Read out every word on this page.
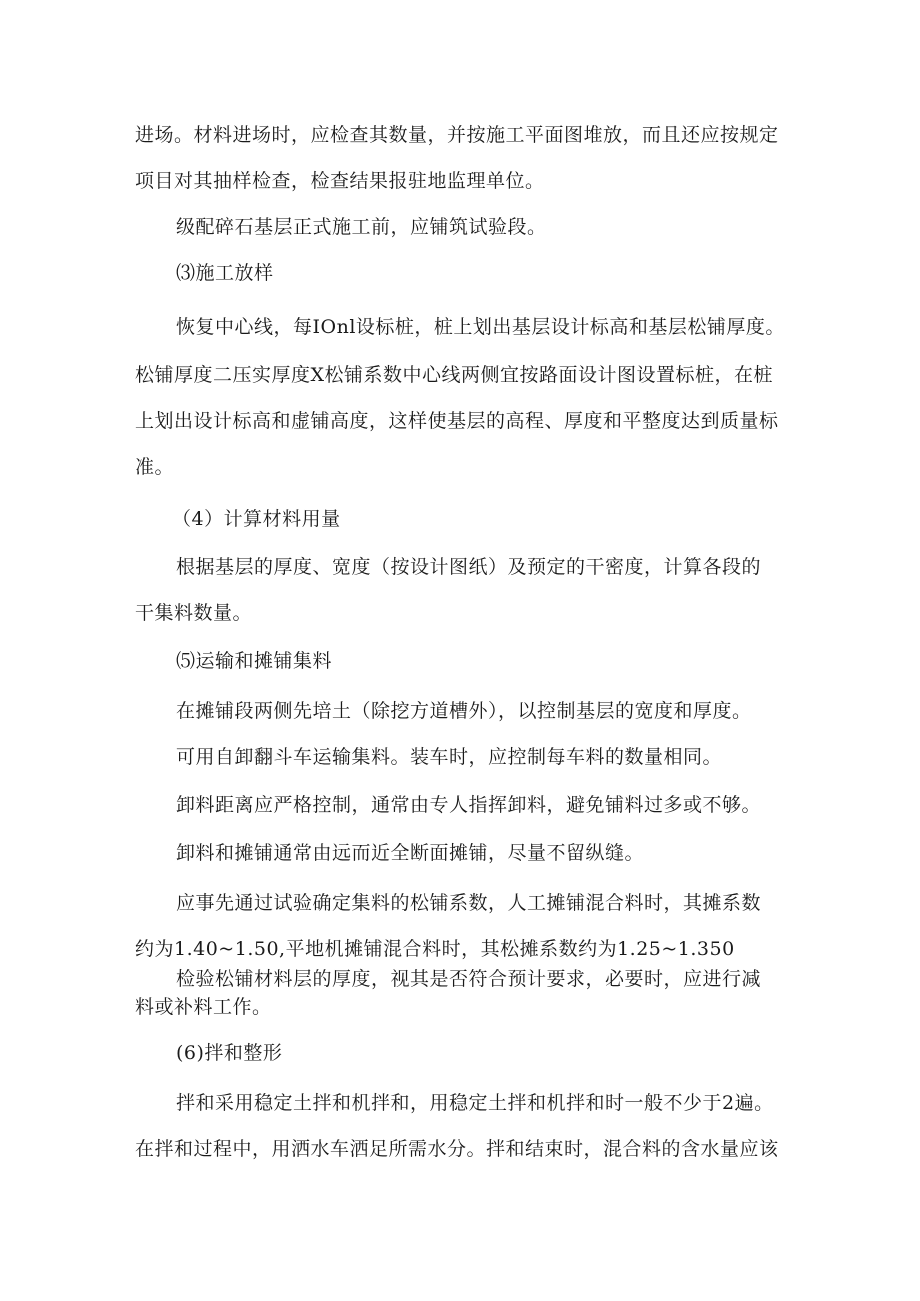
进场。材料进场时，应检查其数量，并按施工平面图堆放，而且还应按规定
项目对其抽样检查，检查结果报驻地监理单位。
级配碎石基层正式施工前，应铺筑试验段。
⑶施工放样
恢复中心线，每IOnl设标桩，桩上划出基层设计标高和基层松铺厚度。
松铺厚度二压实厚度X松铺系数中心线两侧宜按路面设计图设置标桩，在桩
上划出设计标高和虚铺高度，这样使基层的高程、厚度和平整度达到质量标
准。
（4）计算材料用量
根据基层的厚度、宽度（按设计图纸）及预定的干密度，计算各段的
干集料数量。
⑸运输和摊铺集料
在摊铺段两侧先培土（除挖方道槽外），以控制基层的宽度和厚度。
可用自卸翻斗车运输集料。装车时，应控制每车料的数量相同。
卸料距离应严格控制，通常由专人指挥卸料，避免铺料过多或不够。
卸料和摊铺通常由远而近全断面摊铺，尽量不留纵缝。
应事先通过试验确定集料的松铺系数，人工摊铺混合料时，其摊系数
约为1.40~1.50,平地机摊铺混合料时，其松摊系数约为1.25~1.350
检验松铺材料层的厚度，视其是否符合预计要求，必要时，应进行减
料或补料工作。
(6)拌和整形
拌和采用稳定土拌和机拌和，用稳定土拌和机拌和时一般不少于2遍。
在拌和过程中，用洒水车洒足所需水分。拌和结束时，混合料的含水量应该
